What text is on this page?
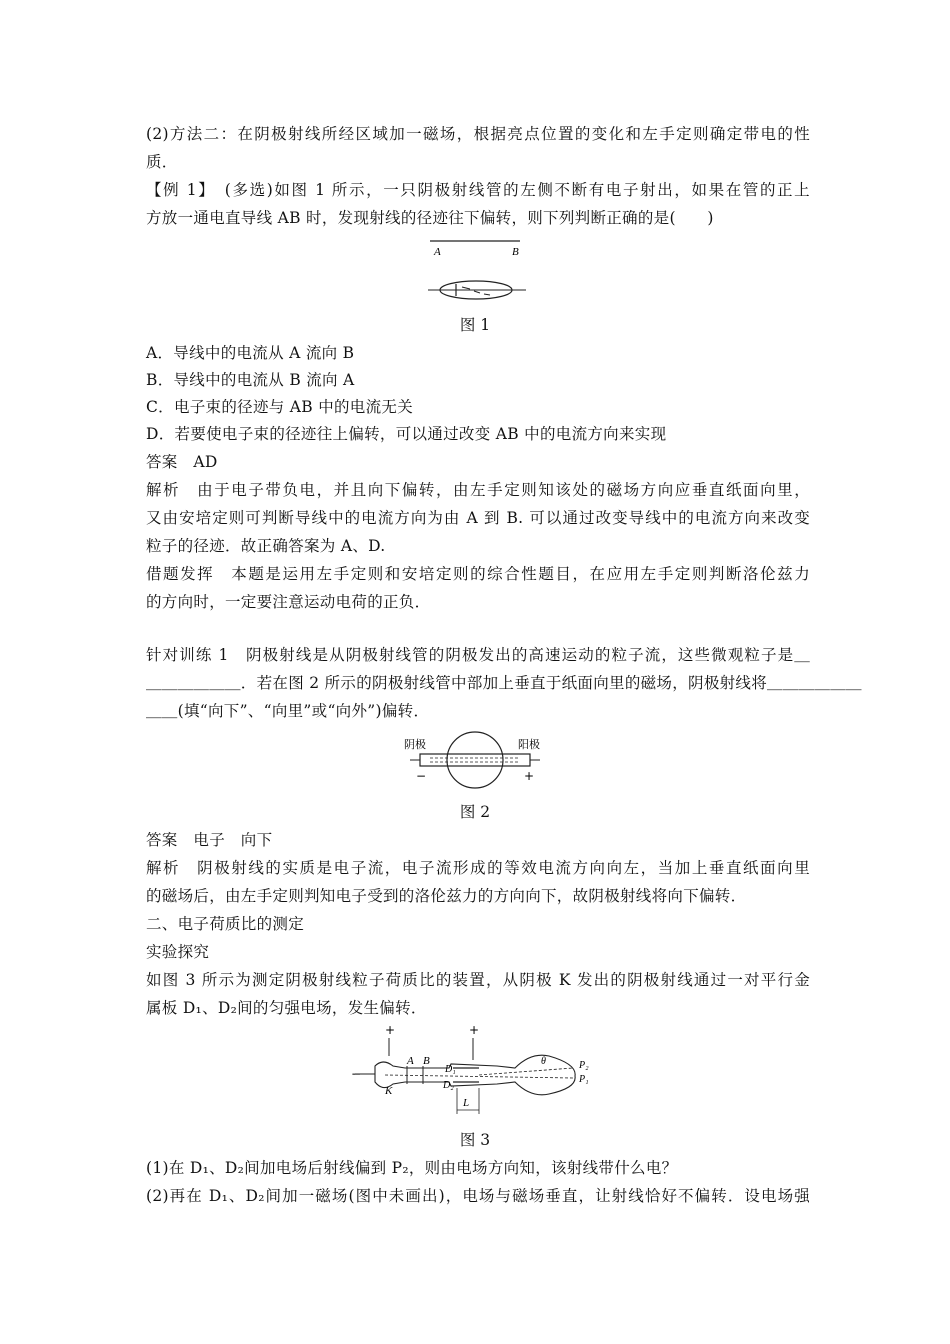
(2)方法二：在阴极射线所经区域加一磁场，根据亮点位置的变化和左手定则确定带电的性
质．
【例 1】　(多选)如图 1 所示，一只阴极射线管的左侧不断有电子射出，如果在管的正上
方放一通电直导线 AB 时，发现射线的径迹往下偏转，则下列判断正确的是(　　)
A	B
图 1
A．导线中的电流从 A 流向 B
B．导线中的电流从 B 流向 A
C．电子束的径迹与 AB 中的电流无关
D．若要使电子束的径迹往上偏转，可以通过改变 AB 中的电流方向来实现
答案　AD
解析　由于电子带负电，并且向下偏转，由左手定则知该处的磁场方向应垂直纸面向里，
又由安培定则可判断导线中的电流方向为由 A 到 B. 可以通过改变导线中的电流方向来改变
粒子的径迹．故正确答案为 A、D.
借题发挥　本题是运用左手定则和安培定则的综合性题目，在应用左手定则判断洛伦兹力
的方向时，一定要注意运动电荷的正负．
针对训练 1　阴极射线是从阴极射线管的阴极发出的高速运动的粒子流，这些微观粒子是＿
＿＿＿＿＿＿．若在图 2 所示的阴极射线管中部加上垂直于纸面向里的磁场，阴极射线将＿＿＿＿＿＿
＿＿(填“向下”、“向里”或“向外”)偏转．
阴极	阳极
−	+
图 2
答案　电子　向下
解析　阴极射线的实质是电子流，电子流形成的等效电流方向向左，当加上垂直纸面向里
的磁场后，由左手定则判知电子受到的洛伦兹力的方向向下，故阴极射线将向下偏转．
二、电子荷质比的测定
实验探究
如图 3 所示为测定阴极射线粒子荷质比的装置，从阴极 K 发出的阴极射线通过一对平行金
属板 D₁、D₂间的匀强电场，发生偏转．
+	+
−
A B
K
D₁
D₂
θ	P₂
P₁
L
图 3
(1)在 D₁、D₂间加电场后射线偏到 P₂，则由电场方向知，该射线带什么电？
(2)再在 D₁、D₂间加一磁场(图中未画出)，电场与磁场垂直，让射线恰好不偏转．设电场强
